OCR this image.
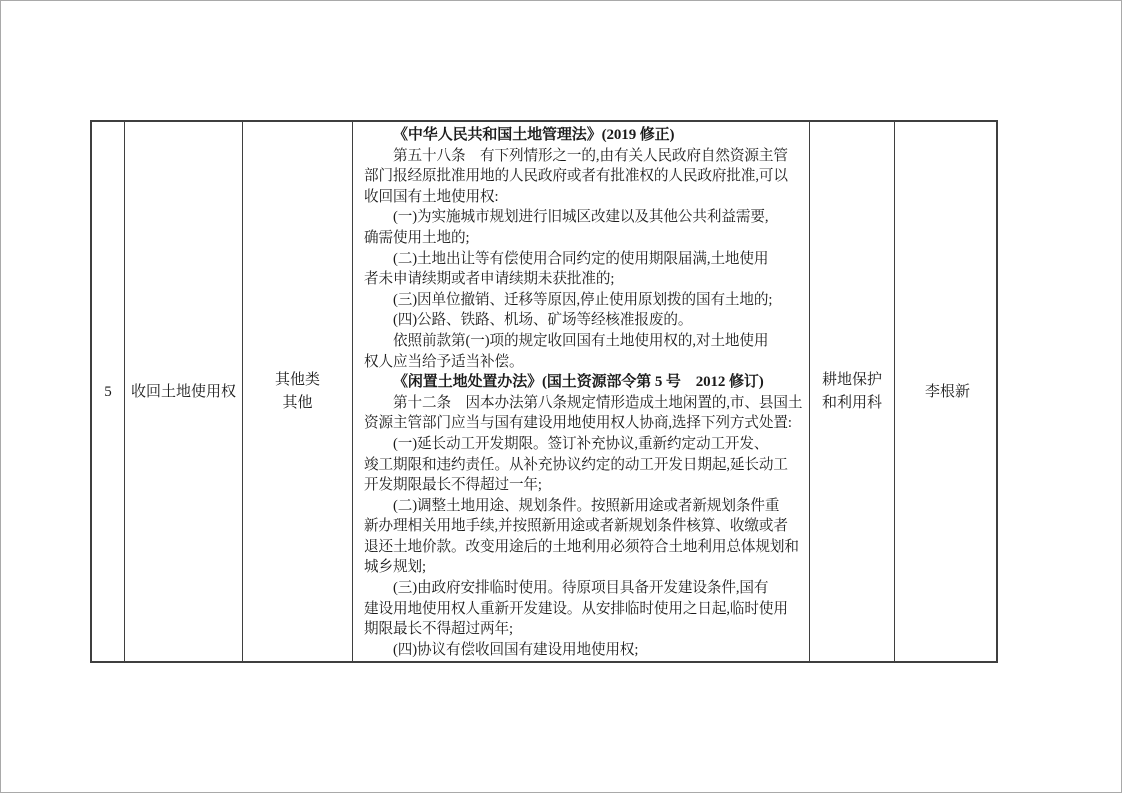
5 收回土地使用权
其他类
其他
《中华人民共和国土地管理法》(2019 修正)
第五十八条　有下列情形之一的,由有关人民政府自然资源主管
部门报经原批准用地的人民政府或者有批准权的人民政府批准,可以
收回国有土地使用权:
(一)为实施城市规划进行旧城区改建以及其他公共利益需要,
确需使用土地的;
(二)土地出让等有偿使用合同约定的使用期限届满,土地使用
者未申请续期或者申请续期未获批准的;
(三)因单位撤销、迁移等原因,停止使用原划拨的国有土地的;
(四)公路、铁路、机场、矿场等经核准报废的。
依照前款第(一)项的规定收回国有土地使用权的,对土地使用
权人应当给予适当补偿。
《闲置土地处置办法》(国土资源部令第 5 号　2012 修订)
第十二条　因本办法第八条规定情形造成土地闲置的,市、县国土
资源主管部门应当与国有建设用地使用权人协商,选择下列方式处置:
(一)延长动工开发期限。签订补充协议,重新约定动工开发、
竣工期限和违约责任。从补充协议约定的动工开发日期起,延长动工
开发期限最长不得超过一年;
(二)调整土地用途、规划条件。按照新用途或者新规划条件重
新办理相关用地手续,并按照新用途或者新规划条件核算、收缴或者
退还土地价款。改变用途后的土地利用必须符合土地利用总体规划和
城乡规划;
(三)由政府安排临时使用。待原项目具备开发建设条件,国有
建设用地使用权人重新开发建设。从安排临时使用之日起,临时使用
期限最长不得超过两年;
(四)协议有偿收回国有建设用地使用权;
耕地保护
和利用科
李根新
